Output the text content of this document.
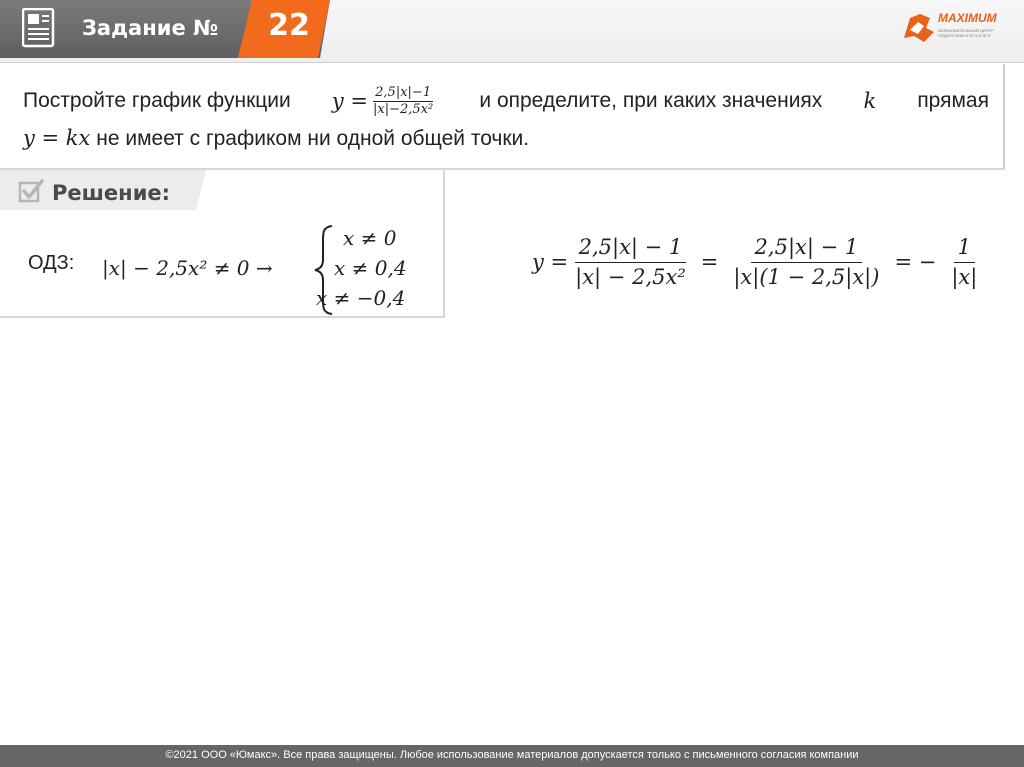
Задание № 22	MAXIMUM
ОБРАЗОВАТЕЛЬНЫЙ ЦЕНТР ПОДГОТОВКИ К ЕГЭ И ОГЭ
Постройте график функции $y = \frac{2,5|x|-1}{\text{|x|−2,5x²}}$ и определите, при каких значениях k прямая
y = kx не имеет с графиком ни одной общей точки.
Решение:
ОДЗ: |x| − 2,5x² ≠ 0 →
x ≠ 0
x ≠ 0,4
x ≠ −0,4
$y = \frac{2,5|x| - 1}{\text{|x| − 2,5x²}} = \frac{2,5|x| - 1}{|x|(1 - 2,5|x|)}$ = − $\frac{1}{|x|}$
©2021 ООО «Юмакс». Все права защищены. Любое использование материалов допускается только с письменного согласия компании
